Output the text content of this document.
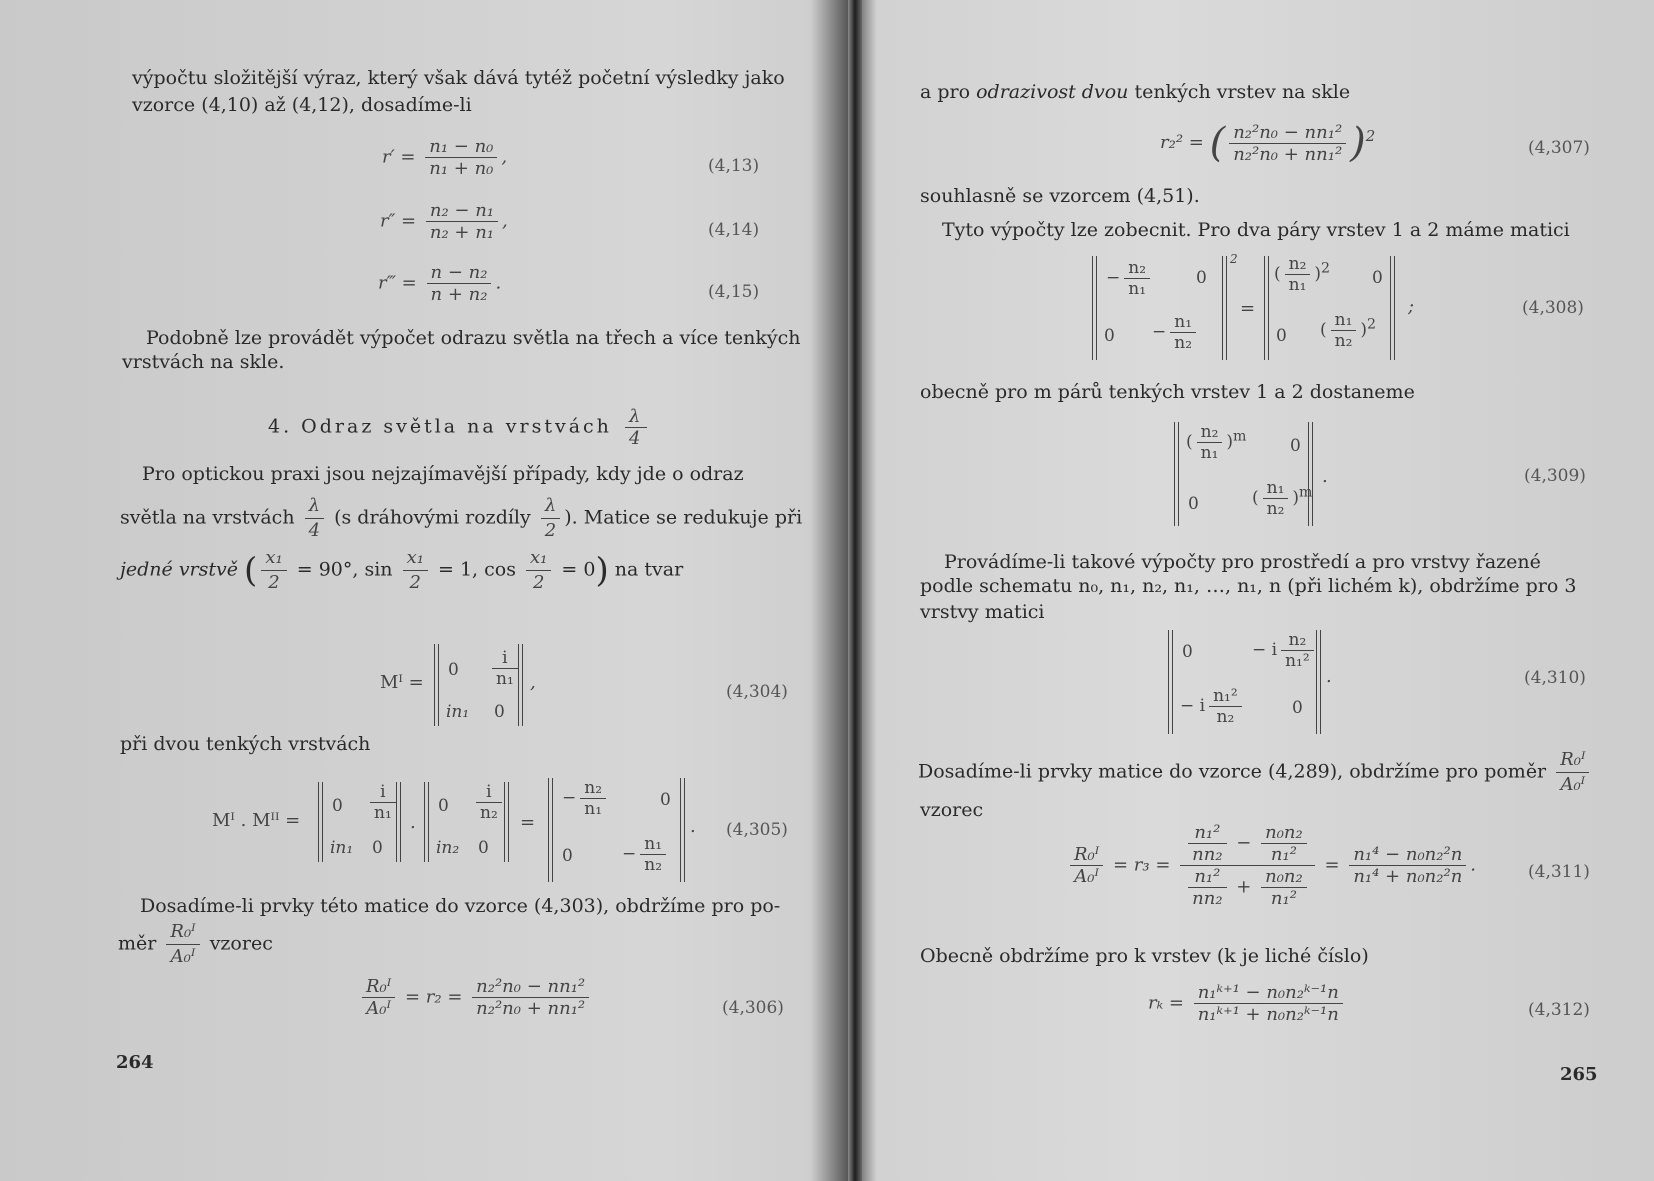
výpočtu složitější výraz, který však dává tytéž početní výsledky jako
vzorce (4,10) až (4,12), dosadíme-li
$r' = \frac{\text{n₁ − n₀}}{\text{n₁ + n₀}}$ ,	(4,13)
$r'' = \frac{\text{n₂ − n₁}}{\text{n₂ + n₁}}$ ,	(4,14)
r‴ = $\frac{\text{n − n₂}}{\text{n + n₂}}$ .	(4,15)
Podobně lze provádět výpočet odrazu světla na třech a více tenkých
vrstvách na skle.
4. Odraz světla na vrstvách $\frac{\lambda}{4}$
Pro optickou praxi jsou nejzajímavější případy, kdy jde o odraz
světla na vrstvách $\frac{\lambda}{4} (s$ dráhovými rozdíly $\frac{\lambda}{2}$ ). Matice se redukuje při
jedné vrstvě ( $\frac{\text{x₁}}{2} = 90^\circ$, $\sin \frac{\text{x₁}}{2} = 1$, $\cos \frac{\text{x₁}}{2} = 0$) na tvar
Mᴵ =
$0 \frac{i}{\text{n₁}}$
in₁ 0
,	(4,304)
při dvou tenkých vrstvách
Mᴵ . Mᴵᴵ =
$0 \frac{i}{\text{n₁}}$
in₁ 0
.
$0 \frac{i}{\text{n₂}}$
in₂ 0
=
− $\frac{\text{n₂}}{\text{n₁}}$	0
0	− $\frac{\text{n₁}}{\text{n₂}}$
. (4,305)
Dosadíme-li prvky této matice do vzorce (4,303), obdržíme pro po-
měr $\frac{\text{R₀ᴵ}}{\text{A₀ᴵ}}$ vzorec
$\frac{\text{R₀ᴵ}}{\text{A₀ᴵ}} = r_2 = \frac{\text{n₂²n₀ − nn₁²}}{\text{n₂²n₀ + nn₁²}}$	(4,306)
264
a pro odrazivost dvou tenkých vrstev na skle
r₂² = ( $\frac{\text{n₂²n₀ − nn₁²}}{\text{n₂²n₀ + nn₁²}} )^2$
(4,307)
souhlasně se vzorcem (4,51).
Tyto výpočty lze zobecnit. Pro dva páry vrstev 1 a 2 máme matici
− $\frac{\text{n₂}}{\text{n₁}}$	0
$0 - \frac{\text{n₁}}{\text{n₂}}$
2
=
( $\frac{\text{n₂}}{\text{n₁}} )^2$ 0
0 ( $\frac{\text{n₁}}{\text{n₂}} )^2$
;	(4,308)
obecně pro m párů tenkých vrstev 1 a 2 dostaneme
( $\frac{\text{n₂}}{\text{n₁}} )^m$	0
0	( $\frac{\text{n₁}}{\text{n₂}} )^m$
.	(4,309)
Provádíme-li takové výpočty pro prostředí a pro vrstvy řazené
podle schematu n₀, n₁, n₂, n₁, …, n₁, n (při lichém k), obdržíme pro 3
vrstvy matici
0	− i $\frac{\text{n₂}}{\text{n₁²}}$
− i $\frac{\text{n₁²}}{\text{n₂}}$	0
.	(4,310)
Dosadíme-li prvky matice do vzorce (4,289), obdržíme pro poměr $\frac{\text{R₀ᴵ}}{\text{A₀ᴵ}}$
vzorec
$\frac{\text{R₀ᴵ}}{\text{A₀ᴵ}} = r_3 = \frac{\frac{\text{n₁²}}{\text{nn₂}} - \frac{\text{n₀n₂}}{\text{n₁²}}}{\frac{\text{n₁²}}{\text{nn₂}} + \frac{\text{n₀n₂}}{\text{n₁²}}} = \frac{\text{n₁⁴ − n₀n₂²n}}{\text{n₁⁴ + n₀n₂²n}}$ .	(4,311)
Obecně obdržíme pro k vrstev (k je liché číslo)
$r_k = \frac{\text{n₁ᵏ⁺¹ − n₀n₂ᵏ⁻¹n}}{\text{n₁ᵏ⁺¹ + n₀n₂ᵏ⁻¹n}}$	(4,312)
265
